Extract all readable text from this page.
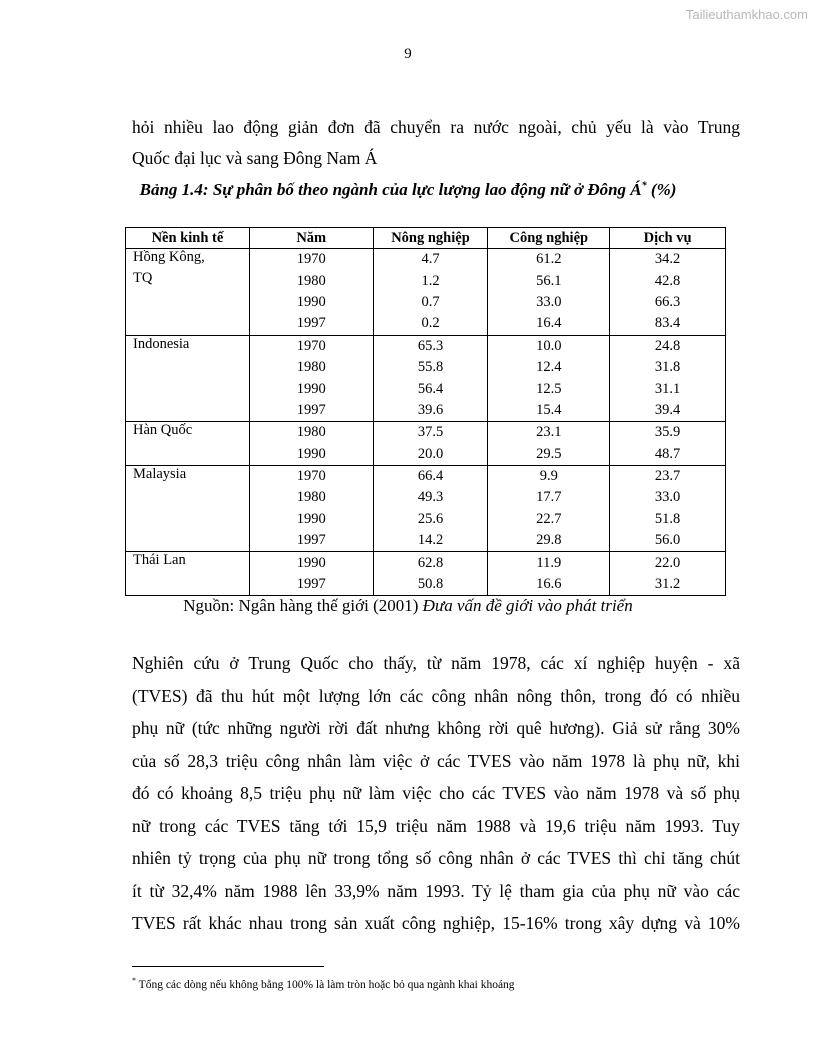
Tailieuthamkhao.com
9

hỏi nhiều lao động giản đơn đã chuyển ra nước ngoài, chủ yếu là vào Trung
Quốc đại lục và sang Đông Nam Á

Bảng 1.4: Sự phân bố theo ngành của lực lượng lao động nữ ở Đông Á* (%)
Nền kinh tế	Năm	Nông nghiệp	Công nghiệp	Dịch vụ
Hồng Kông,	1970	4.7	61.2	34.2
TQ	1980	1.2	56.1	42.8
	1990	0.7	33.0	66.3
	1997	0.2	16.4	83.4
Indonesia	1970	65.3	10.0	24.8
	1980	55.8	12.4	31.8
	1990	56.4	12.5	31.1
	1997	39.6	15.4	39.4
Hàn Quốc	1980	37.5	23.1	35.9
	1990	20.0	29.5	48.7
Malaysia	1970	66.4	9.9	23.7
	1980	49.3	17.7	33.0
	1990	25.6	22.7	51.8
	1997	14.2	29.8	56.0
Thái Lan	1990	62.8	11.9	22.0
	1997	50.8	16.6	31.2
Nguồn: Ngân hàng thế giới (2001) Đưa vấn đề giới vào phát triển

Nghiên cứu ở Trung Quốc cho thấy, từ năm 1978, các xí nghiệp huyện - xã
(TVES) đã thu hút một lượng lớn các công nhân nông thôn, trong đó có nhiều
phụ nữ (tức những người rời đất nhưng không rời quê hương). Giả sử rằng 30%
của số 28,3 triệu công nhân làm việc ở các TVES vào năm 1978 là phụ nữ, khi
đó có khoảng 8,5 triệu phụ nữ làm việc cho các TVES vào năm 1978 và số phụ
nữ trong các TVES tăng tới 15,9 triệu năm 1988 và 19,6 triệu năm 1993. Tuy
nhiên tỷ trọng của phụ nữ trong tổng số công nhân ở các TVES thì chỉ tăng chút
ít từ 32,4% năm 1988 lên 33,9% năm 1993. Tỷ lệ tham gia của phụ nữ vào các
TVES rất khác nhau trong sản xuất công nghiệp, 15-16% trong xây dựng và 10%

* Tổng các dòng nếu không bằng 100% là làm tròn hoặc bỏ qua ngành khai khoáng
